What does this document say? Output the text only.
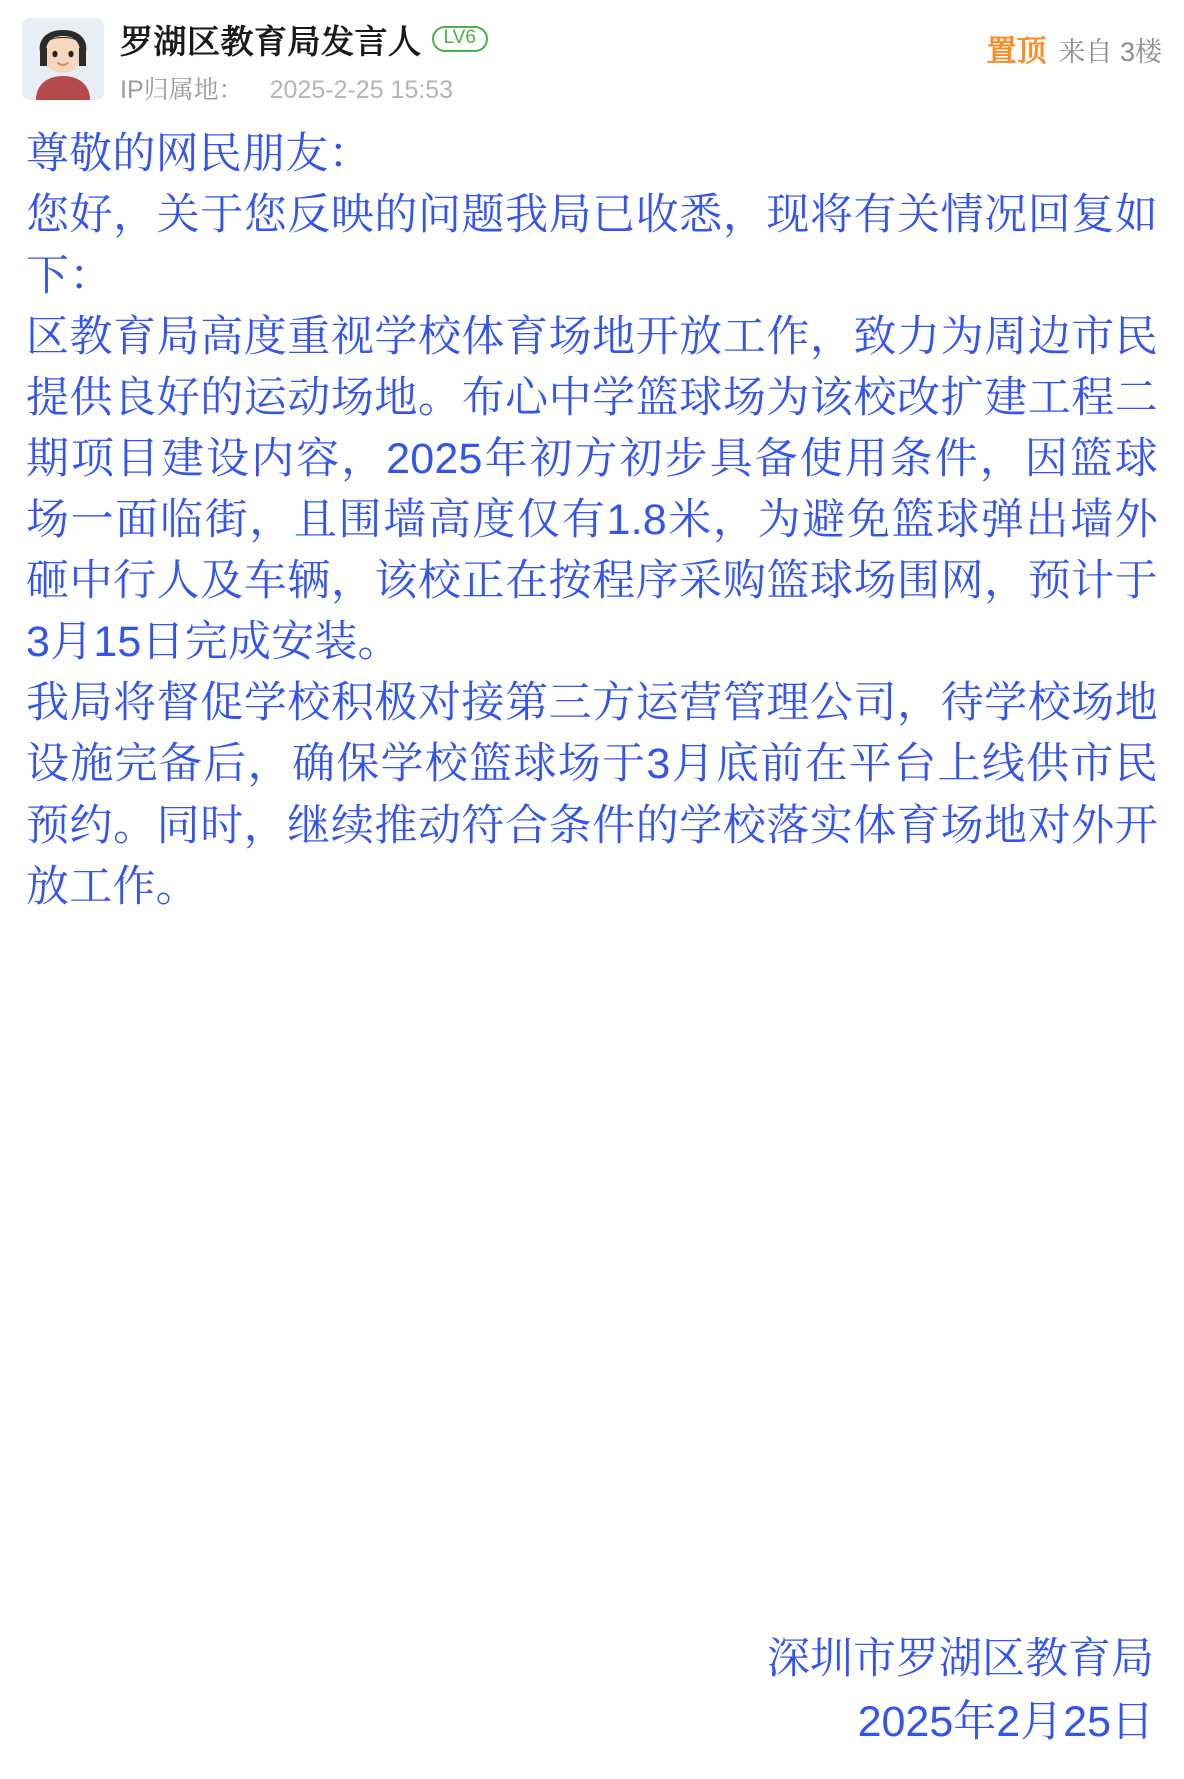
罗湖区教育局发言人	LV6
IP归属地： 2025-2-25 15:53
置顶 来自 3楼

尊敬的网民朋友：

您好，关于您反映的问题我局已收悉，现将有关情况回复如下：

区教育局高度重视学校体育场地开放工作，致力为周边市民提供良好的运动场地。布心中学篮球场为该校改扩建工程二期项目建设内容，2025年初方初步具备使用条件，因篮球场一面临街，且围墙高度仅有1.8米，为避免篮球弹出墙外砸中行人及车辆，该校正在按程序采购篮球场围网，预计于3月15日完成安装。

我局将督促学校积极对接第三方运营管理公司，待学校场地设施完备后，确保学校篮球场于3月底前在平台上线供市民预约。同时，继续推动符合条件的学校落实体育场地对外开放工作。

深圳市罗湖区教育局
2025年2月25日
